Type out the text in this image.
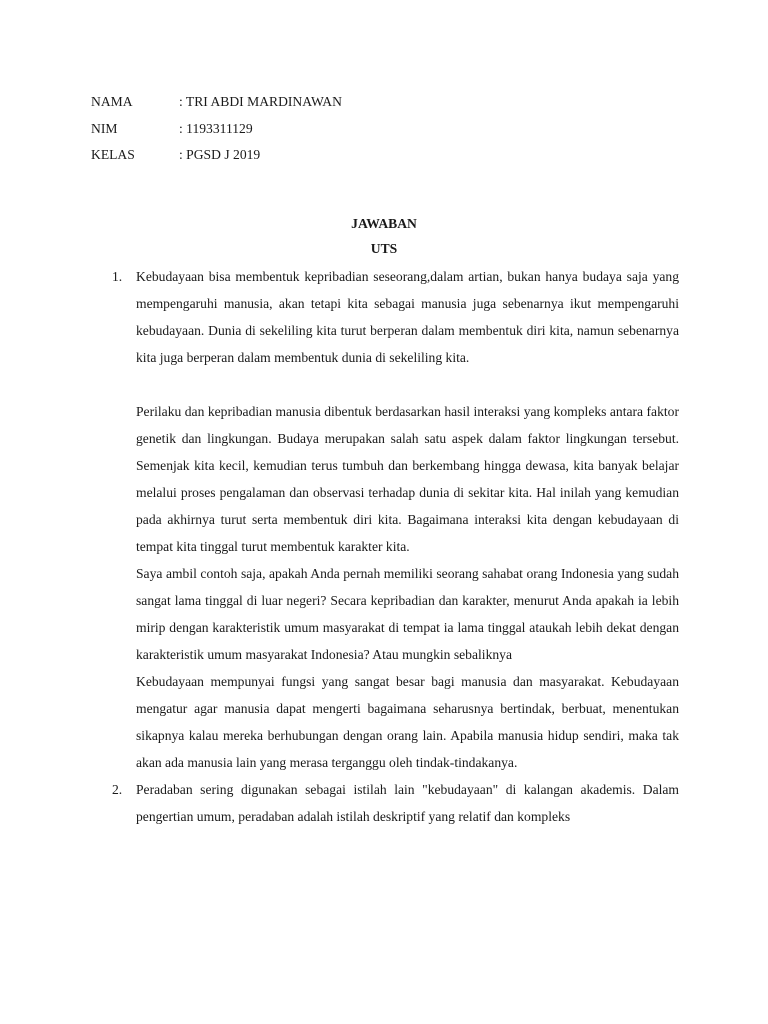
NAMA	: TRI ABDI MARDINAWAN
NIM	: 1193311129
KELAS	: PGSD J 2019
JAWABAN
UTS
1.	Kebudayaan bisa membentuk kepribadian seseorang,dalam artian, bukan hanya budaya saja yang mempengaruhi manusia, akan tetapi kita sebagai manusia juga sebenarnya ikut mempengaruhi kebudayaan. Dunia di sekeliling kita turut berperan dalam membentuk diri kita, namun sebenarnya kita juga berperan dalam membentuk dunia di sekeliling kita.

Perilaku dan kepribadian manusia dibentuk berdasarkan hasil interaksi yang kompleks antara faktor genetik dan lingkungan. Budaya merupakan salah satu aspek dalam faktor lingkungan tersebut. Semenjak kita kecil, kemudian terus tumbuh dan berkembang hingga dewasa, kita banyak belajar melalui proses pengalaman dan observasi terhadap dunia di sekitar kita. Hal inilah yang kemudian pada akhirnya turut serta membentuk diri kita. Bagaimana interaksi kita dengan kebudayaan di tempat kita tinggal turut membentuk karakter kita.

Saya ambil contoh saja, apakah Anda pernah memiliki seorang sahabat orang Indonesia yang sudah sangat lama tinggal di luar negeri? Secara kepribadian dan karakter, menurut Anda apakah ia lebih mirip dengan karakteristik umum masyarakat di tempat ia lama tinggal ataukah lebih dekat dengan karakteristik umum masyarakat Indonesia? Atau mungkin sebaliknya

Kebudayaan mempunyai fungsi yang sangat besar bagi manusia dan masyarakat. Kebudayaan mengatur agar manusia dapat mengerti bagaimana seharusnya bertindak, berbuat, menentukan sikapnya kalau mereka berhubungan dengan orang lain. Apabila manusia hidup sendiri, maka tak akan ada manusia lain yang merasa terganggu oleh tindak-tindakanya.

2.	Peradaban sering digunakan sebagai istilah lain "kebudayaan" di kalangan akademis. Dalam pengertian umum, peradaban adalah istilah deskriptif yang relatif dan kompleks
